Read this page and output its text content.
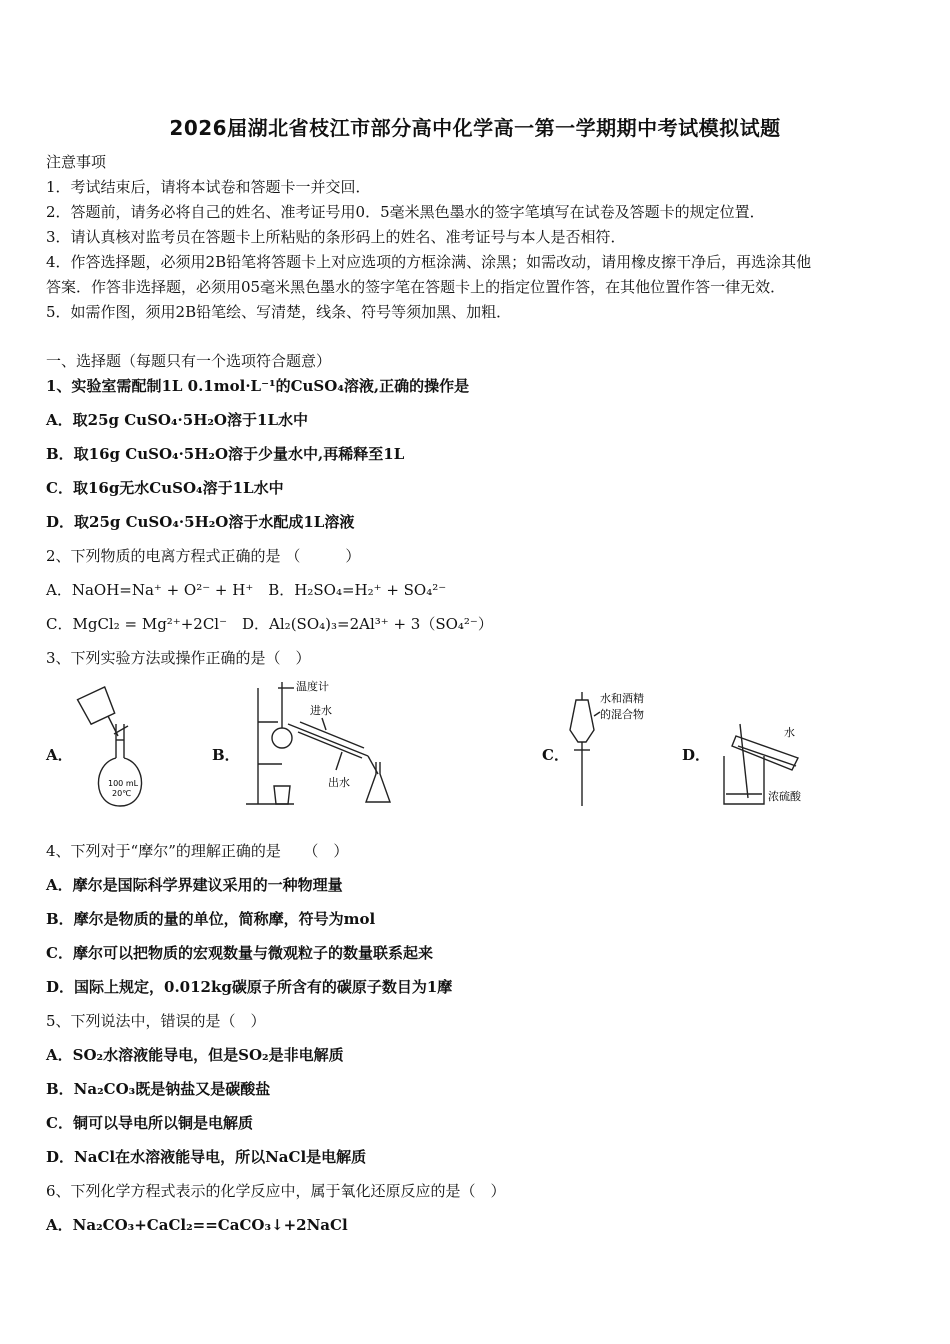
2026届湖北省枝江市部分高中化学高一第一学期期中考试模拟试题
注意事项
1．考试结束后，请将本试卷和答题卡一并交回．
2．答题前，请务必将自己的姓名、准考证号用0．5毫米黑色墨水的签字笔填写在试卷及答题卡的规定位置．
3．请认真核对监考员在答题卡上所粘贴的条形码上的姓名、准考证号与本人是否相符．
4．作答选择题，必须用2B铅笔将答题卡上对应选项的方框涂满、涂黑；如需改动，请用橡皮擦干净后，再选涂其他
答案．作答非选择题，必须用05毫米黑色墨水的签字笔在答题卡上的指定位置作答，在其他位置作答一律无效．
5．如需作图，须用2B铅笔绘、写清楚，线条、符号等须加黑、加粗．
一、选择题（每题只有一个选项符合题意）
1、实验室需配制1L 0.1mol·L⁻¹的CuSO₄溶液,正确的操作是
A．取25g CuSO₄·5H₂O溶于1L水中
B．取16g CuSO₄·5H₂O溶于少量水中,再稀释至1L
C．取16g无水CuSO₄溶于1L水中
D．取25g CuSO₄·5H₂O溶于水配成1L溶液
2、下列物质的电离方程式正确的是 （　　　）
A．NaOH=Na⁺ + O²⁻ + H⁺　B．H₂SO₄=H₂⁺ + SO₄²⁻
C．MgCl₂ = Mg²⁺+2Cl⁻　D．Al₂(SO₄)₃=2Al³⁺ + 3（SO₄²⁻）
3、下列实验方法或操作正确的是（　）
A．	B．	C．	D．
100 mL
20℃
温度计
进水
出水
水和酒精
的混合物
水
浓硫酸
4、下列对于“摩尔”的理解正确的是　　（　）
A．摩尔是国际科学界建议采用的一种物理量
B．摩尔是物质的量的单位，简称摩，符号为mol
C．摩尔可以把物质的宏观数量与微观粒子的数量联系起来
D．国际上规定，0.012kg碳原子所含有的碳原子数目为1摩
5、下列说法中，错误的是（　）
A．SO₂水溶液能导电，但是SO₂是非电解质
B．Na₂CO₃既是钠盐又是碳酸盐
C．铜可以导电所以铜是电解质
D．NaCl在水溶液能导电，所以NaCl是电解质
6、下列化学方程式表示的化学反应中，属于氧化还原反应的是（　）
A．Na₂CO₃+CaCl₂==CaCO₃↓+2NaCl
